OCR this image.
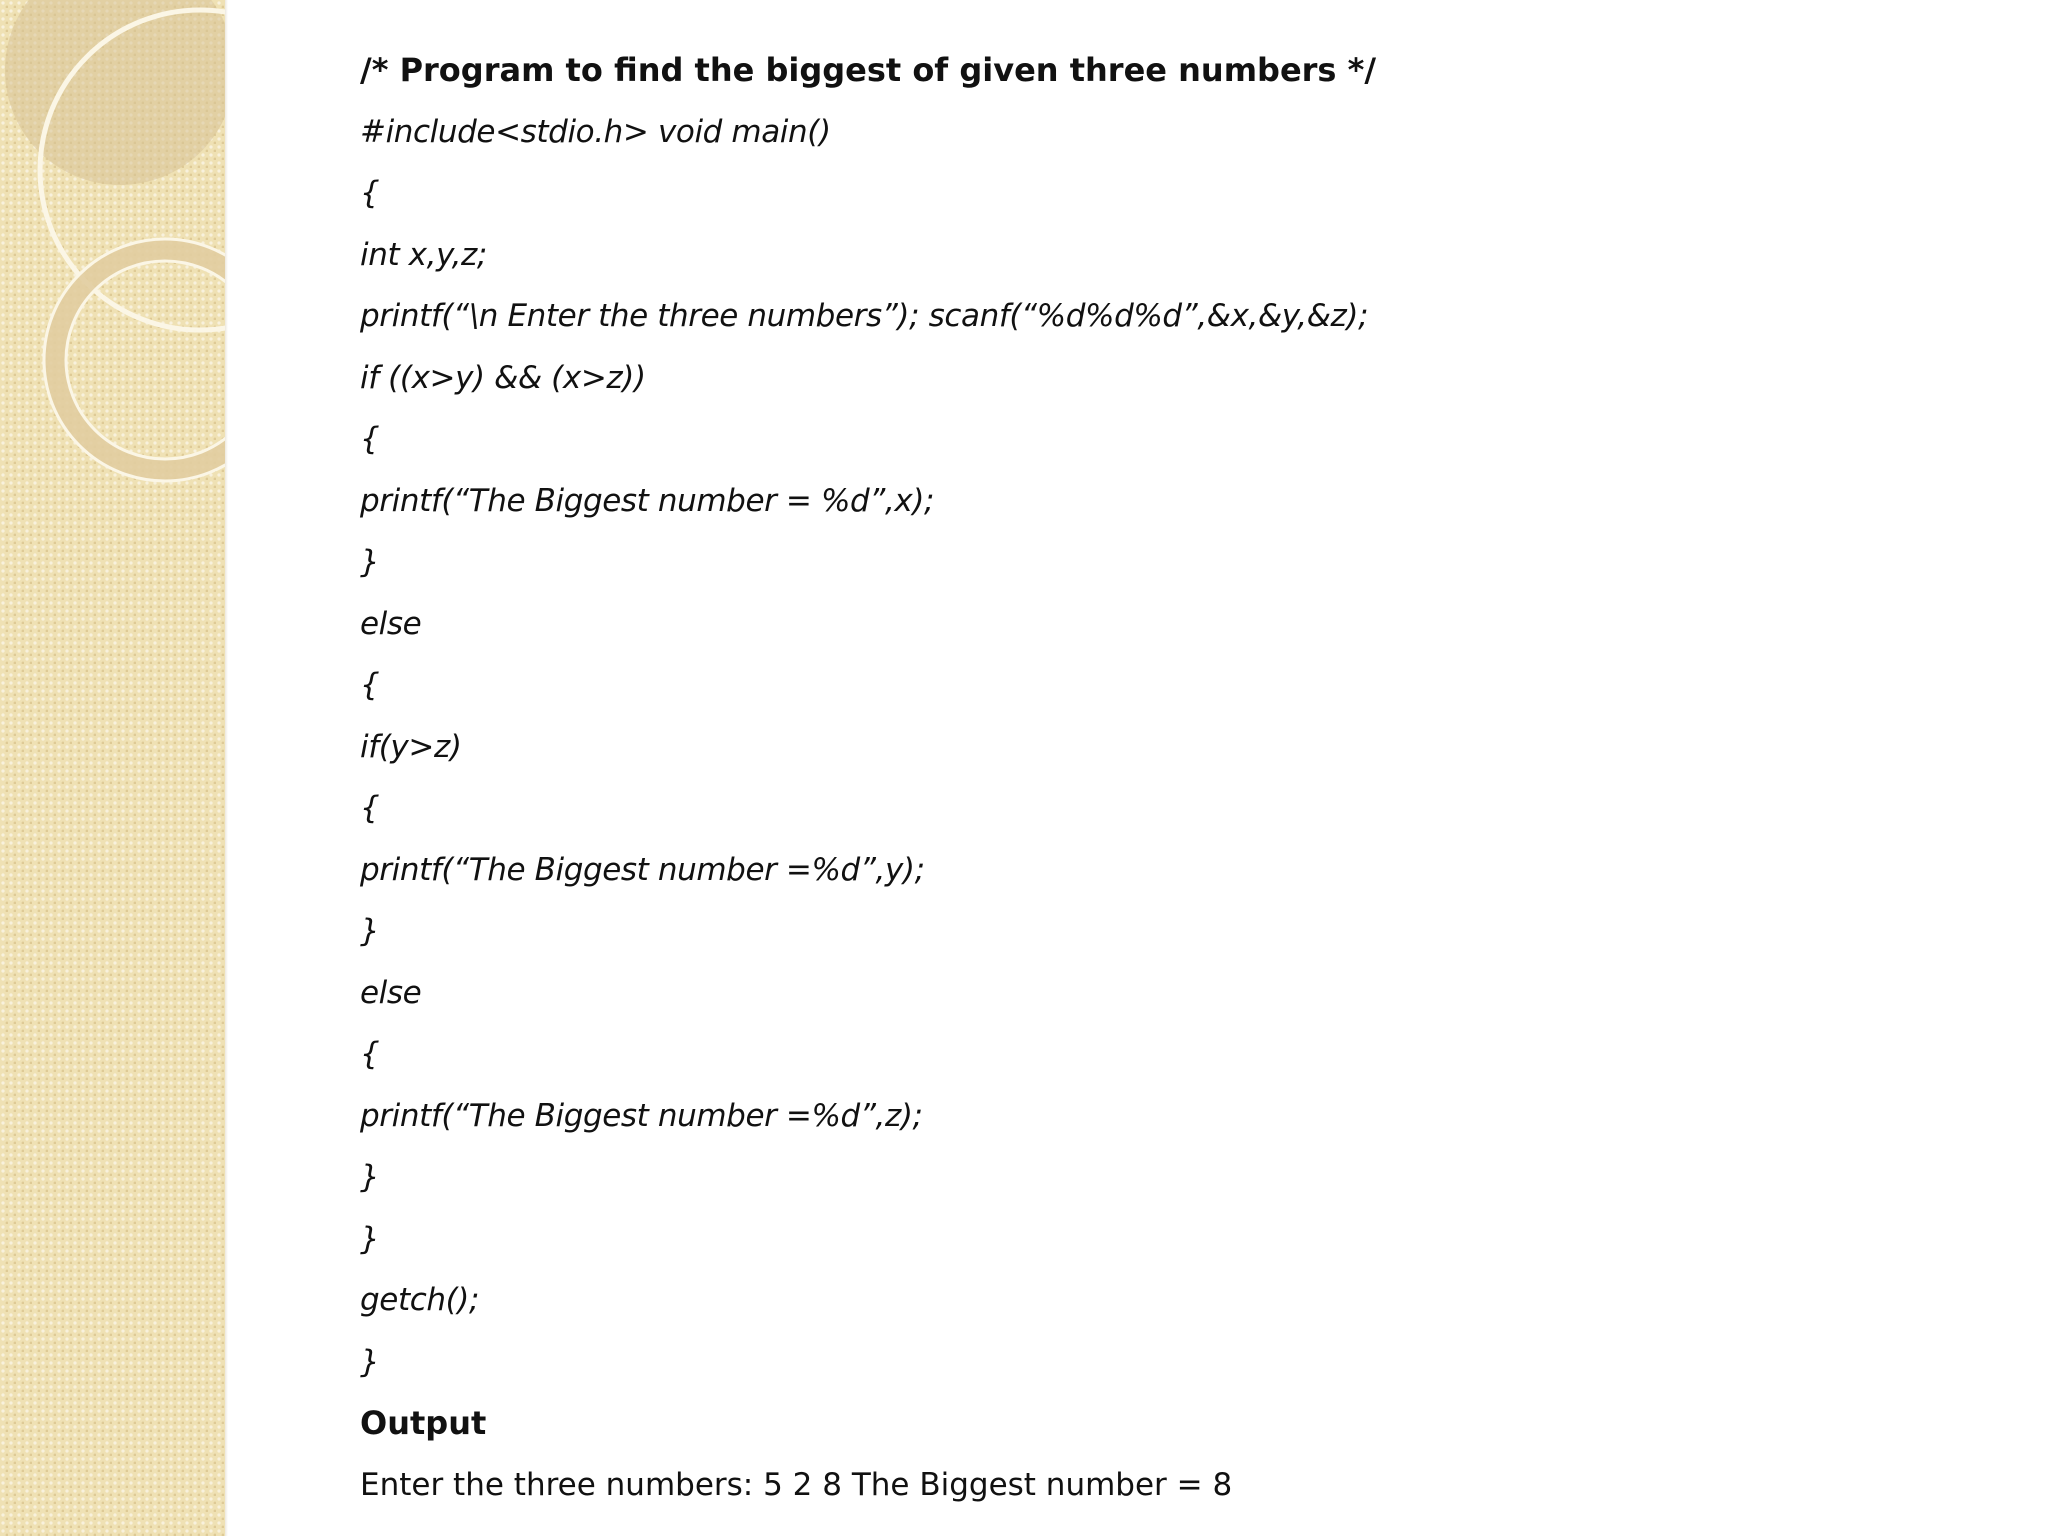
/* Program to find the biggest of given three numbers */
#include<stdio.h> void main()
{
int x,y,z;
printf(“\n Enter the three numbers”); scanf(“%d%d%d”,&x,&y,&z);
if ((x>y) && (x>z))
{
printf(“The Biggest number = %d”,x);
}
else
{
if(y>z)
{
printf(“The Biggest number =%d”,y);
}
else
{
printf(“The Biggest number =%d”,z);
}
}
getch();
}
Output
Enter the three numbers: 5 2 8 The Biggest number = 8
